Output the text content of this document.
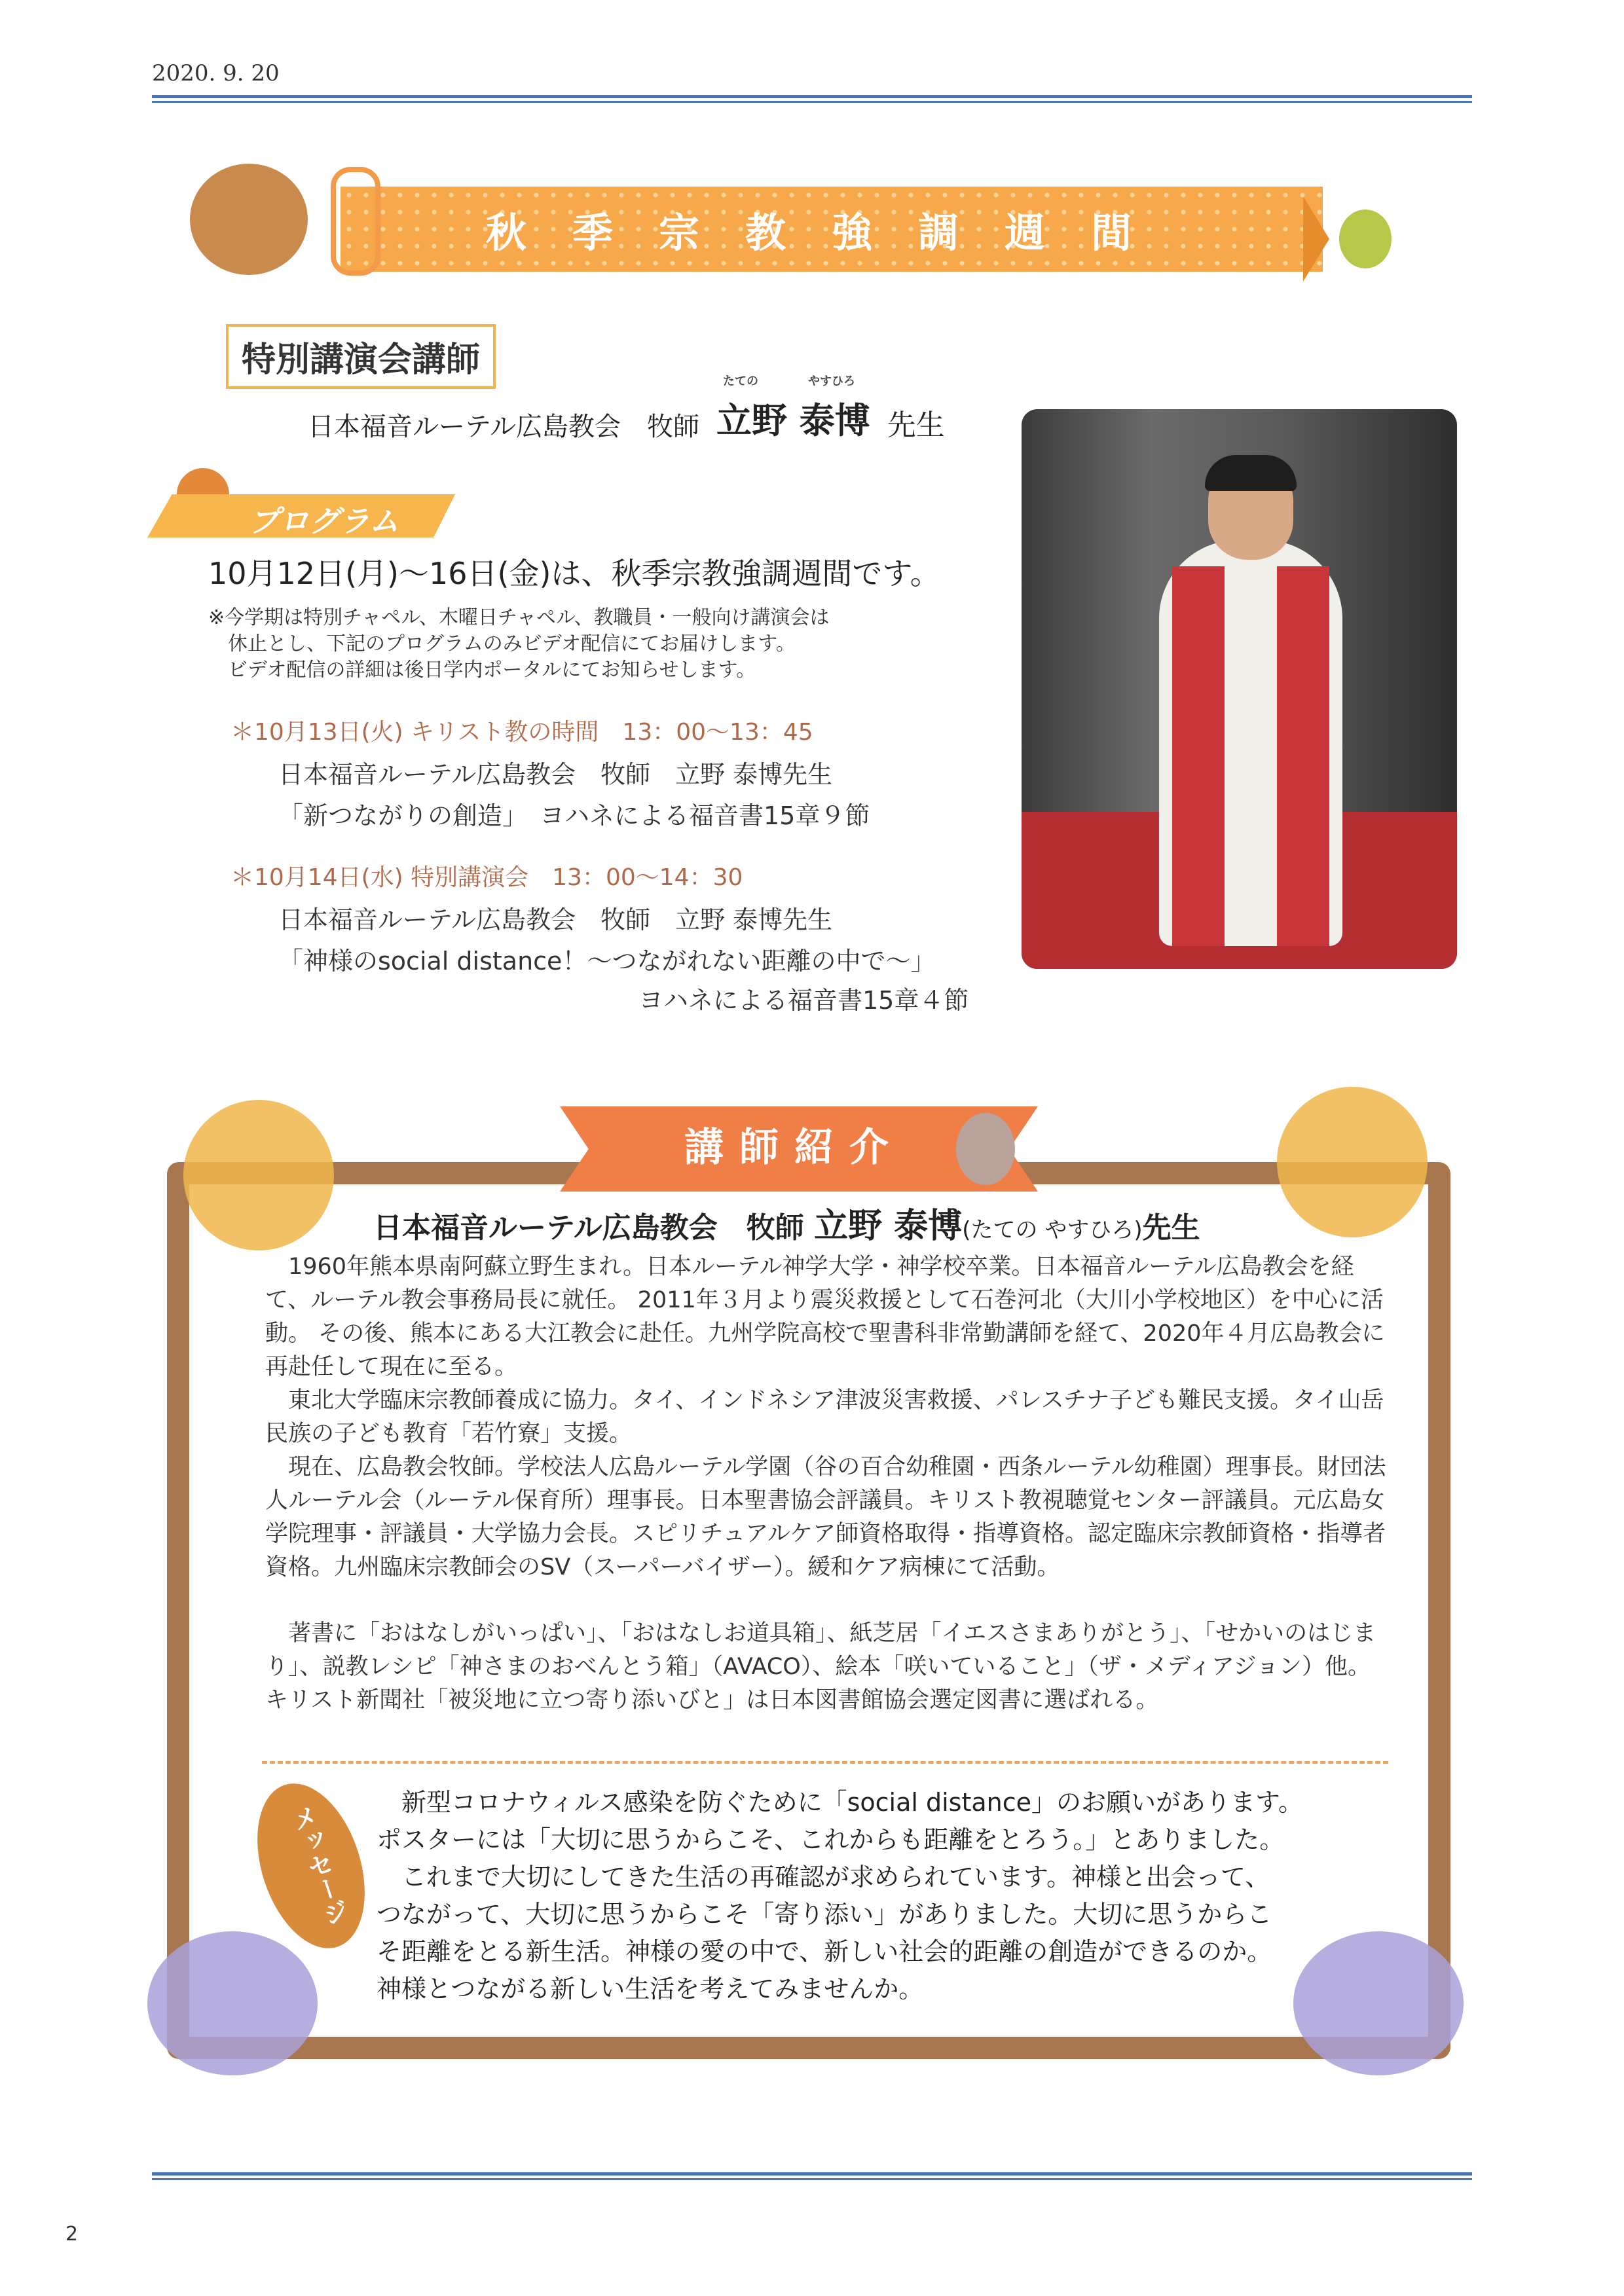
2020. 9. 20
秋季宗教強調週間
特別講演会講師
日本福音ルーテル広島教会　牧師
たての	やすひろ
立野 泰博 先生
プログラム
10月12日(月)〜16日(金)は、秋季宗教強調週間です。
※今学期は特別チャペル、木曜日チャペル、教職員・一般向け講演会は
　休止とし、下記のプログラムのみビデオ配信にてお届けします。
　ビデオ配信の詳細は後日学内ポータルにてお知らせします。
＊10月13日(火) キリスト教の時間　13：00〜13：45
日本福音ルーテル広島教会　牧師　立野 泰博先生
「新つながりの創造」　ヨハネによる福音書15章９節
＊10月14日(水) 特別講演会　13：00〜14：30
日本福音ルーテル広島教会　牧師　立野 泰博先生
「神様のsocial distance！〜つながれない距離の中で〜」
ヨハネによる福音書15章４節
講師紹介
日本福音ルーテル広島教会　牧師 立野 泰博(たての やすひろ)先生
　1960年熊本県南阿蘇立野生まれ。日本ルーテル神学大学・神学校卒業。日本福音ルーテル広島教会を経て、ルーテル教会事務局長に就任。 2011年３月より震災救援として石巻河北（大川小学校地区）を中心に活動。 その後、熊本にある大江教会に赴任。九州学院高校で聖書科非常勤講師を経て、2020年４月広島教会に再赴任して現在に至る。
　東北大学臨床宗教師養成に協力。タイ、インドネシア津波災害救援、パレスチナ子ども難民支援。タイ山岳民族の子ども教育「若竹寮」支援。
　現在、広島教会牧師。学校法人広島ルーテル学園（谷の百合幼稚園・西条ルーテル幼稚園）理事長。財団法人ルーテル会（ルーテル保育所）理事長。日本聖書協会評議員。キリスト教視聴覚センター評議員。元広島女学院理事・評議員・大学協力会長。スピリチュアルケア師資格取得・指導資格。認定臨床宗教師資格・指導者資格。九州臨床宗教師会のSV（スーパーバイザー）。緩和ケア病棟にて活動。
　著書に「おはなしがいっぱい」、「おはなしお道具箱」、紙芝居「イエスさまありがとう」、「せかいのはじまり」、説教レシピ「神さまのおべんとう箱」（AVACO）、絵本「咲いていること」（ザ・メディアジョン）他。キリスト新聞社「被災地に立つ寄り添いびと」は日本図書館協会選定図書に選ばれる。
メッセージ 　新型コロナウィルス感染を防ぐために「social distance」のお願いがあります。
ポスターには「大切に思うからこそ、これからも距離をとろう。」とありました。
　これまで大切にしてきた生活の再確認が求められています。神様と出会って、
つながって、大切に思うからこそ「寄り添い」がありました。大切に思うからこ
そ距離をとる新生活。神様の愛の中で、新しい社会的距離の創造ができるのか。
神様とつながる新しい生活を考えてみませんか。
2
